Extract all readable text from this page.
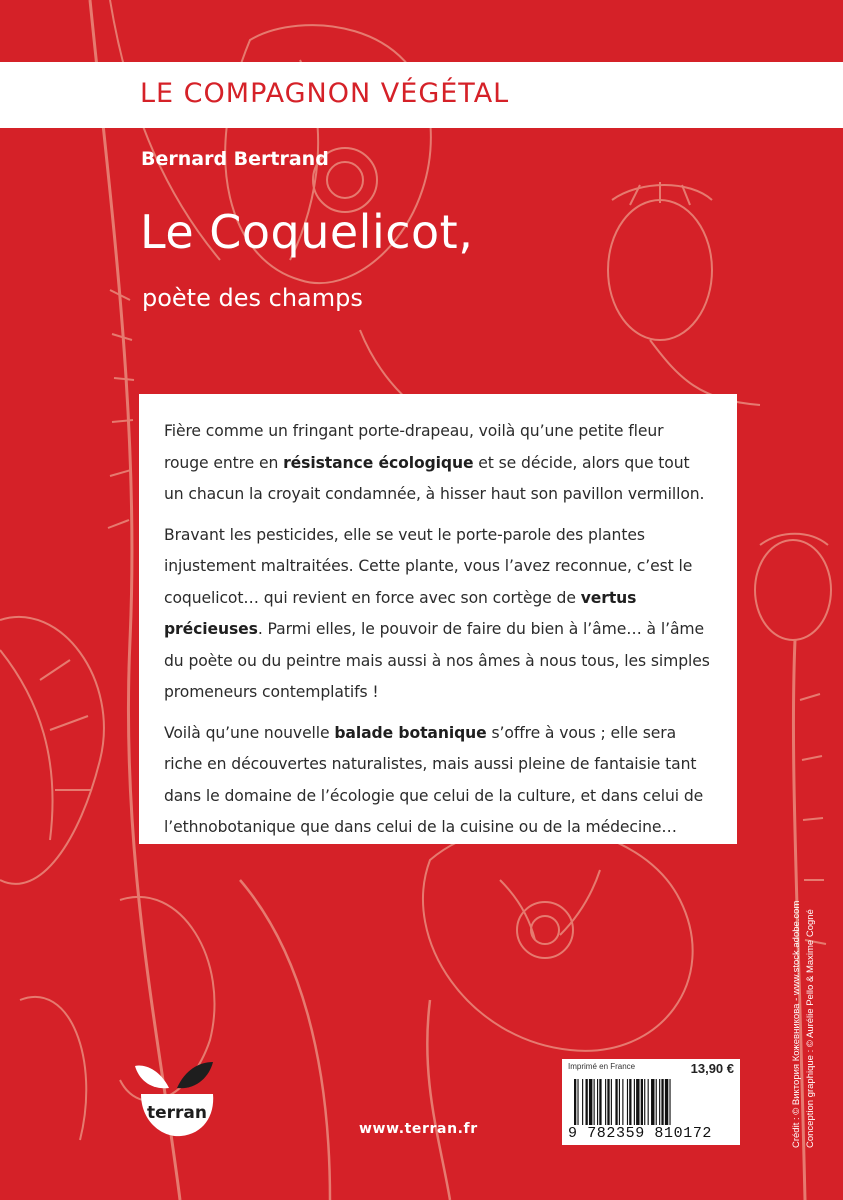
LE COMPAGNON VÉGÉTAL
Bernard Bertrand
Le Coquelicot,
poète des champs

Fière comme un fringant porte-drapeau, voilà qu’une petite fleur rouge entre en résistance écologique et se décide, alors que tout un chacun la croyait condamnée, à hisser haut son pavillon vermillon.

Bravant les pesticides, elle se veut le porte-parole des plantes injustement maltraitées. Cette plante, vous l’avez reconnue, c’est le coquelicot… qui revient en force avec son cortège de vertus précieuses. Parmi elles, le pouvoir de faire du bien à l’âme… à l’âme du poète ou du peintre mais aussi à nos âmes à nous tous, les simples promeneurs contemplatifs !

Voilà qu’une nouvelle balade botanique s’offre à vous ; elle sera riche en découvertes naturalistes, mais aussi pleine de fantaisie tant dans le domaine de l’écologie que celui de la culture, et dans celui de l’ethnobotanique que dans celui de la cuisine ou de la médecine…

terran
www.terran.fr
Imprimé en France	13,90 €
9 782359 810172	Crédit : © Виктория Кожевникова - www.stock.adobe.com Conception graphique : © Aurélie Pello & Maxime Cogné
